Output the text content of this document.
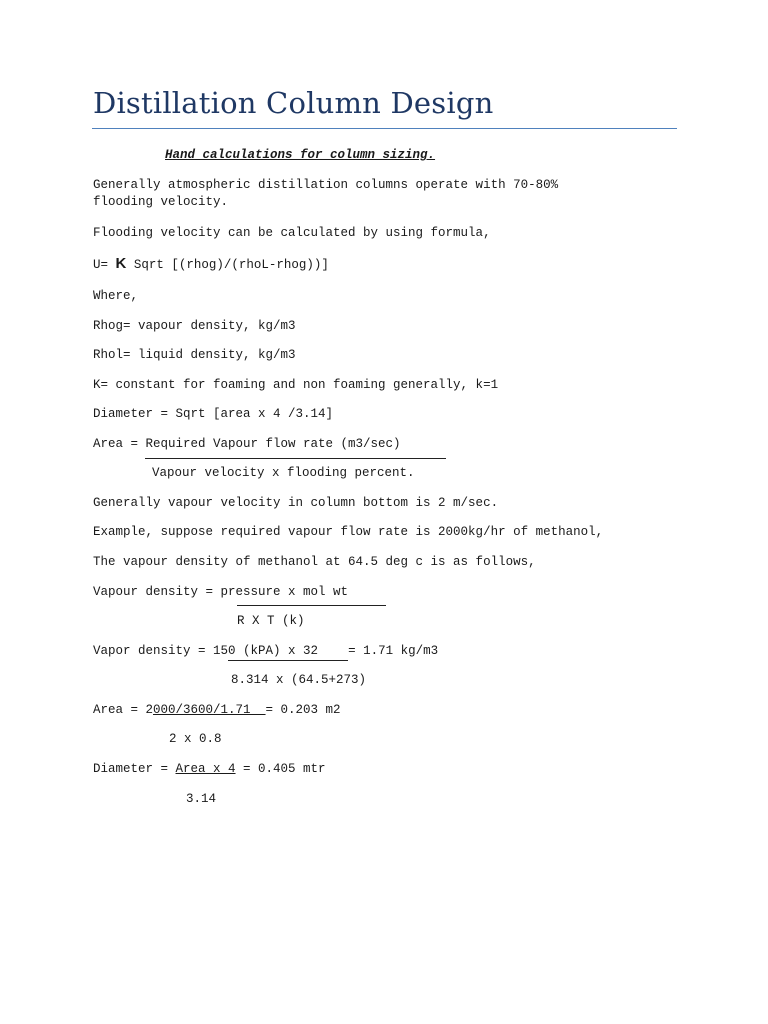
Distillation Column Design
Hand calculations for column sizing.
Generally atmospheric distillation columns operate with 70-80%
flooding velocity.
Flooding velocity can be calculated by using formula,
U= K Sqrt [(rhog)/(rhoL-rhog))]
Where,
Rhog= vapour density, kg/m3
Rhol= liquid density, kg/m3
K= constant for foaming and non foaming generally, k=1
Diameter = Sqrt [area x 4 /3.14]
Area = Required Vapour flow rate (m3/sec)
Vapour velocity x flooding percent.
Generally vapour velocity in column bottom is 2 m/sec.
Example, suppose required vapour flow rate is 2000kg/hr of methanol,
The vapour density of methanol at 64.5 deg c is as follows,
Vapour density = pressure x mol wt
R X T (k)
Vapor density = 150 (kPA) x 32    = 1.71 kg/m3
8.314 x (64.5+273)
Area = 2000/3600/1.71  = 0.203 m2
2 x 0.8
Diameter = Area x 4 = 0.405 mtr
3.14
